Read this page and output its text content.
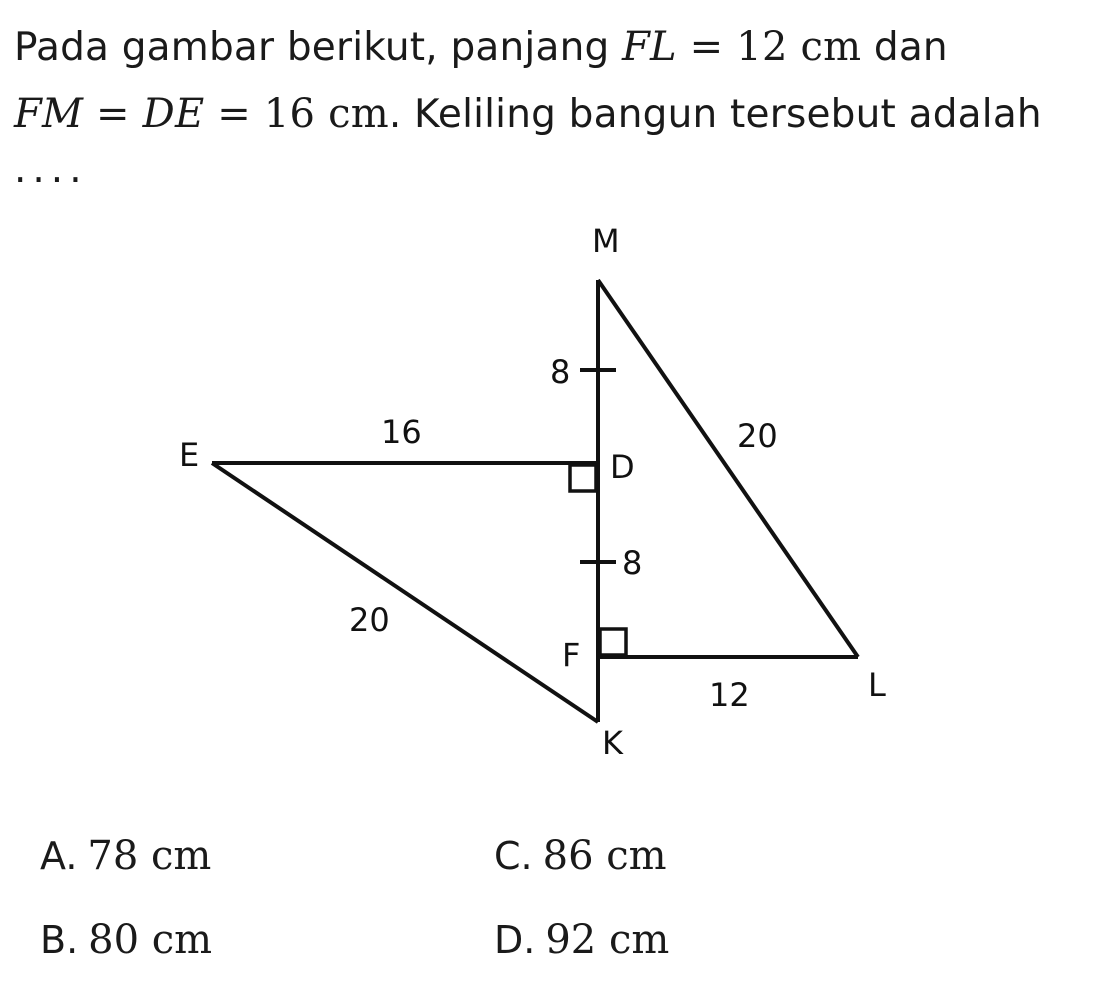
Pada gambar berikut, panjang FL = 12 cm dan
FM = DE = 16 cm. Keliling bangun tersebut adalah ····
M
E	D
F
L
K
8
8
16	20
20
12
A. 78 cm
B. 80 cm
C. 86 cm
D. 92 cm
